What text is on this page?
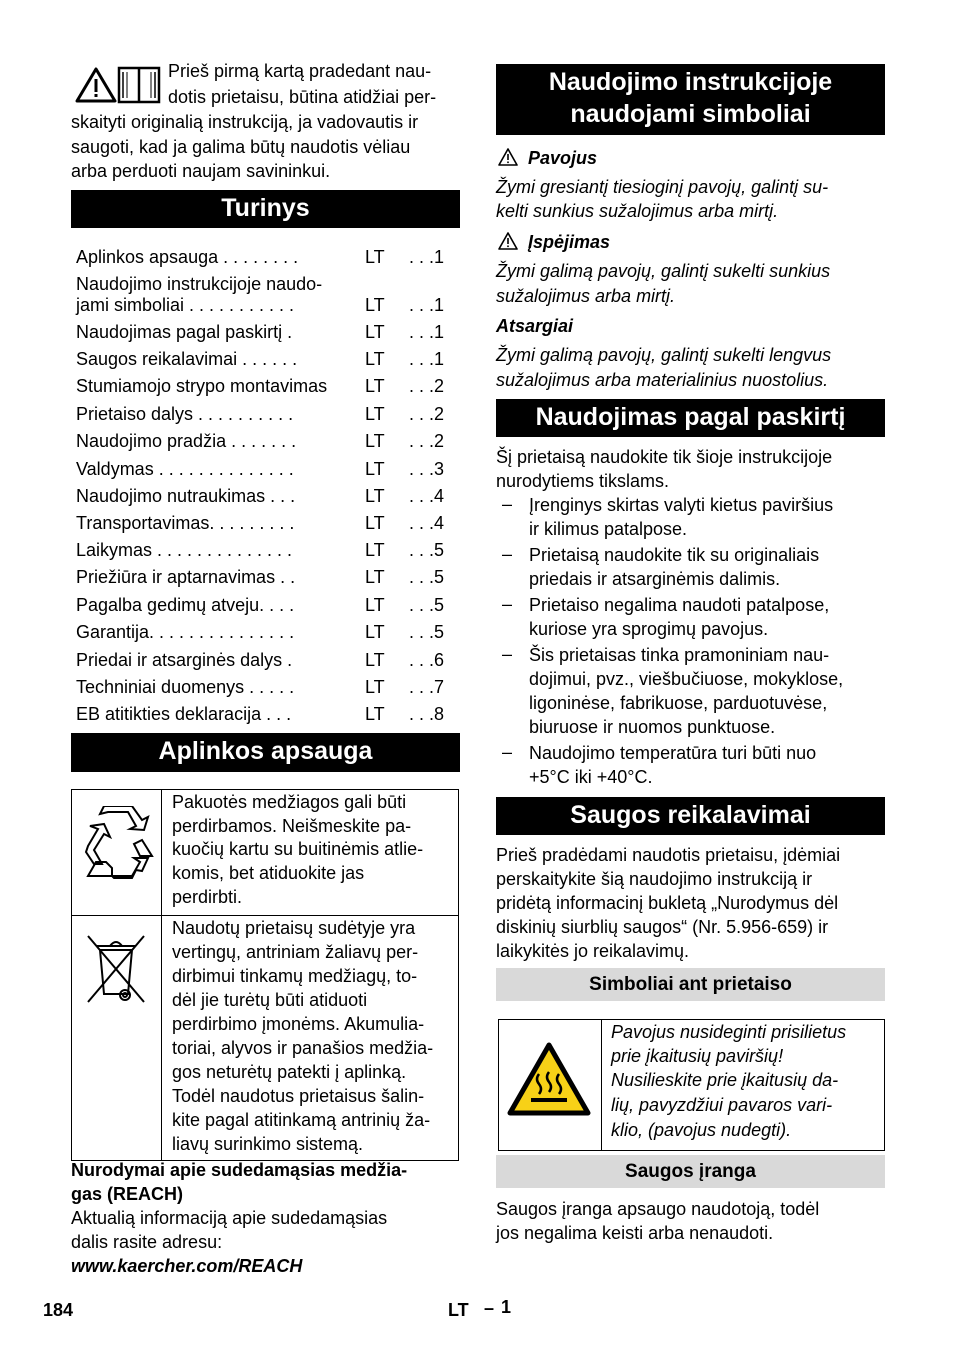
Prieš pirmą kartą pradedant nau-
dotis prietaisu, būtina atidžiai per-
skaityti originalią instrukciją, ja vadovautis ir
saugoti, kad ja galima būtų naudotis vėliau
arba perduoti naujam savininkui.
Turinys
Aplinkos apsauga . . . . . . . .	LT . . .1
Naudojimo instrukcijoje naudo-
jami simboliai . . . . . . . . . . .	LT . . .1
Naudojimas pagal paskirtį .	LT . . .1
Saugos reikalavimai . . . . . .	LT . . .1
Stumiamojo strypo montavimas LT . . .2
Prietaiso dalys . . . . . . . . . .	LT . . .2
Naudojimo pradžia . . . . . . .	LT . . .2
Valdymas . . . . . . . . . . . . . .	LT . . .3
Naudojimo nutraukimas . . .	LT . . .4
Transportavimas. . . . . . . . .	LT . . .4
Laikymas . . . . . . . . . . . . . .	LT . . .5
Priežiūra ir aptarnavimas . .	LT . . .5
Pagalba gedimų atveju. . . .	LT . . .5
Garantija. . . . . . . . . . . . . . .	LT . . .5
Priedai ir atsarginės dalys .	LT . . .6
Techniniai duomenys . . . . .	LT . . .7
EB atitikties deklaracija . . .	LT . . .8
Aplinkos apsauga
Pakuotės medžiagos gali būti
perdirbamos. Neišmeskite pa-
kuočių kartu su buitinėmis atlie-
komis, bet atiduokite jas
perdirbti.
Naudotų prietaisų sudėtyje yra
vertingų, antriniam žaliavų per-
dirbimui tinkamų medžiagų, to-
dėl jie turėtų būti atiduoti
perdirbimo įmonėms. Akumulia-
toriai, alyvos ir panašios medžia-
gos neturėtų patekti į aplinką.
Todėl naudotus prietaisus šalin-
kite pagal atitinkamą antrinių ža-
liavų surinkimo sistemą.
Nurodymai apie sudedamąsias medžia-
gas (REACH)
Aktualią informaciją apie sudedamąsias
dalis rasite adresu:
www.kaercher.com/REACH
Naudojimo instrukcijoje
naudojami simboliai
Pavojus
Žymi gresiantį tiesioginį pavojų, galintį su-
kelti sunkius sužalojimus arba mirtį.
Įspėjimas
Žymi galimą pavojų, galintį sukelti sunkius
sužalojimus arba mirtį.
Atsargiai
Žymi galimą pavojų, galintį sukelti lengvus
sužalojimus arba materialinius nuostolius.
Naudojimas pagal paskirtį
Šį prietaisą naudokite tik šioje instrukcijoje
nurodytiems tikslams.
– Įrenginys skirtas valyti kietus paviršius
ir kilimus patalpose.
– Prietaisą naudokite tik su originaliais
priedais ir atsarginėmis dalimis.
– Prietaiso negalima naudoti patalpose,
kuriose yra sprogimų pavojus.
– Šis prietaisas tinka pramoniniam nau-
dojimui, pvz., viešbučiuose, mokyklose,
ligoninėse, fabrikuose, parduotuvėse,
biuruose ir nuomos punktuose.
– Naudojimo temperatūra turi būti nuo
+5°C iki +40°C.
Saugos reikalavimai
Prieš pradėdami naudotis prietaisu, įdėmiai
perskaitykite šią naudojimo instrukciją ir
pridėtą informacinį bukletą „Nurodymus dėl
diskinių siurblių saugos“ (Nr. 5.956-659) ir
laikykitės jo reikalavimų.
Simboliai ant prietaiso
Pavojus nusideginti prisilietus
prie įkaitusių paviršių!
Nusilieskite prie įkaitusių da-
lių, pavyzdžiui pavaros vari-
klio, (pavojus nudegti).
Saugos įranga
Saugos įranga apsaugo naudotoją, todėl
jos negalima keisti arba nenaudoti.
184	LT – 1
